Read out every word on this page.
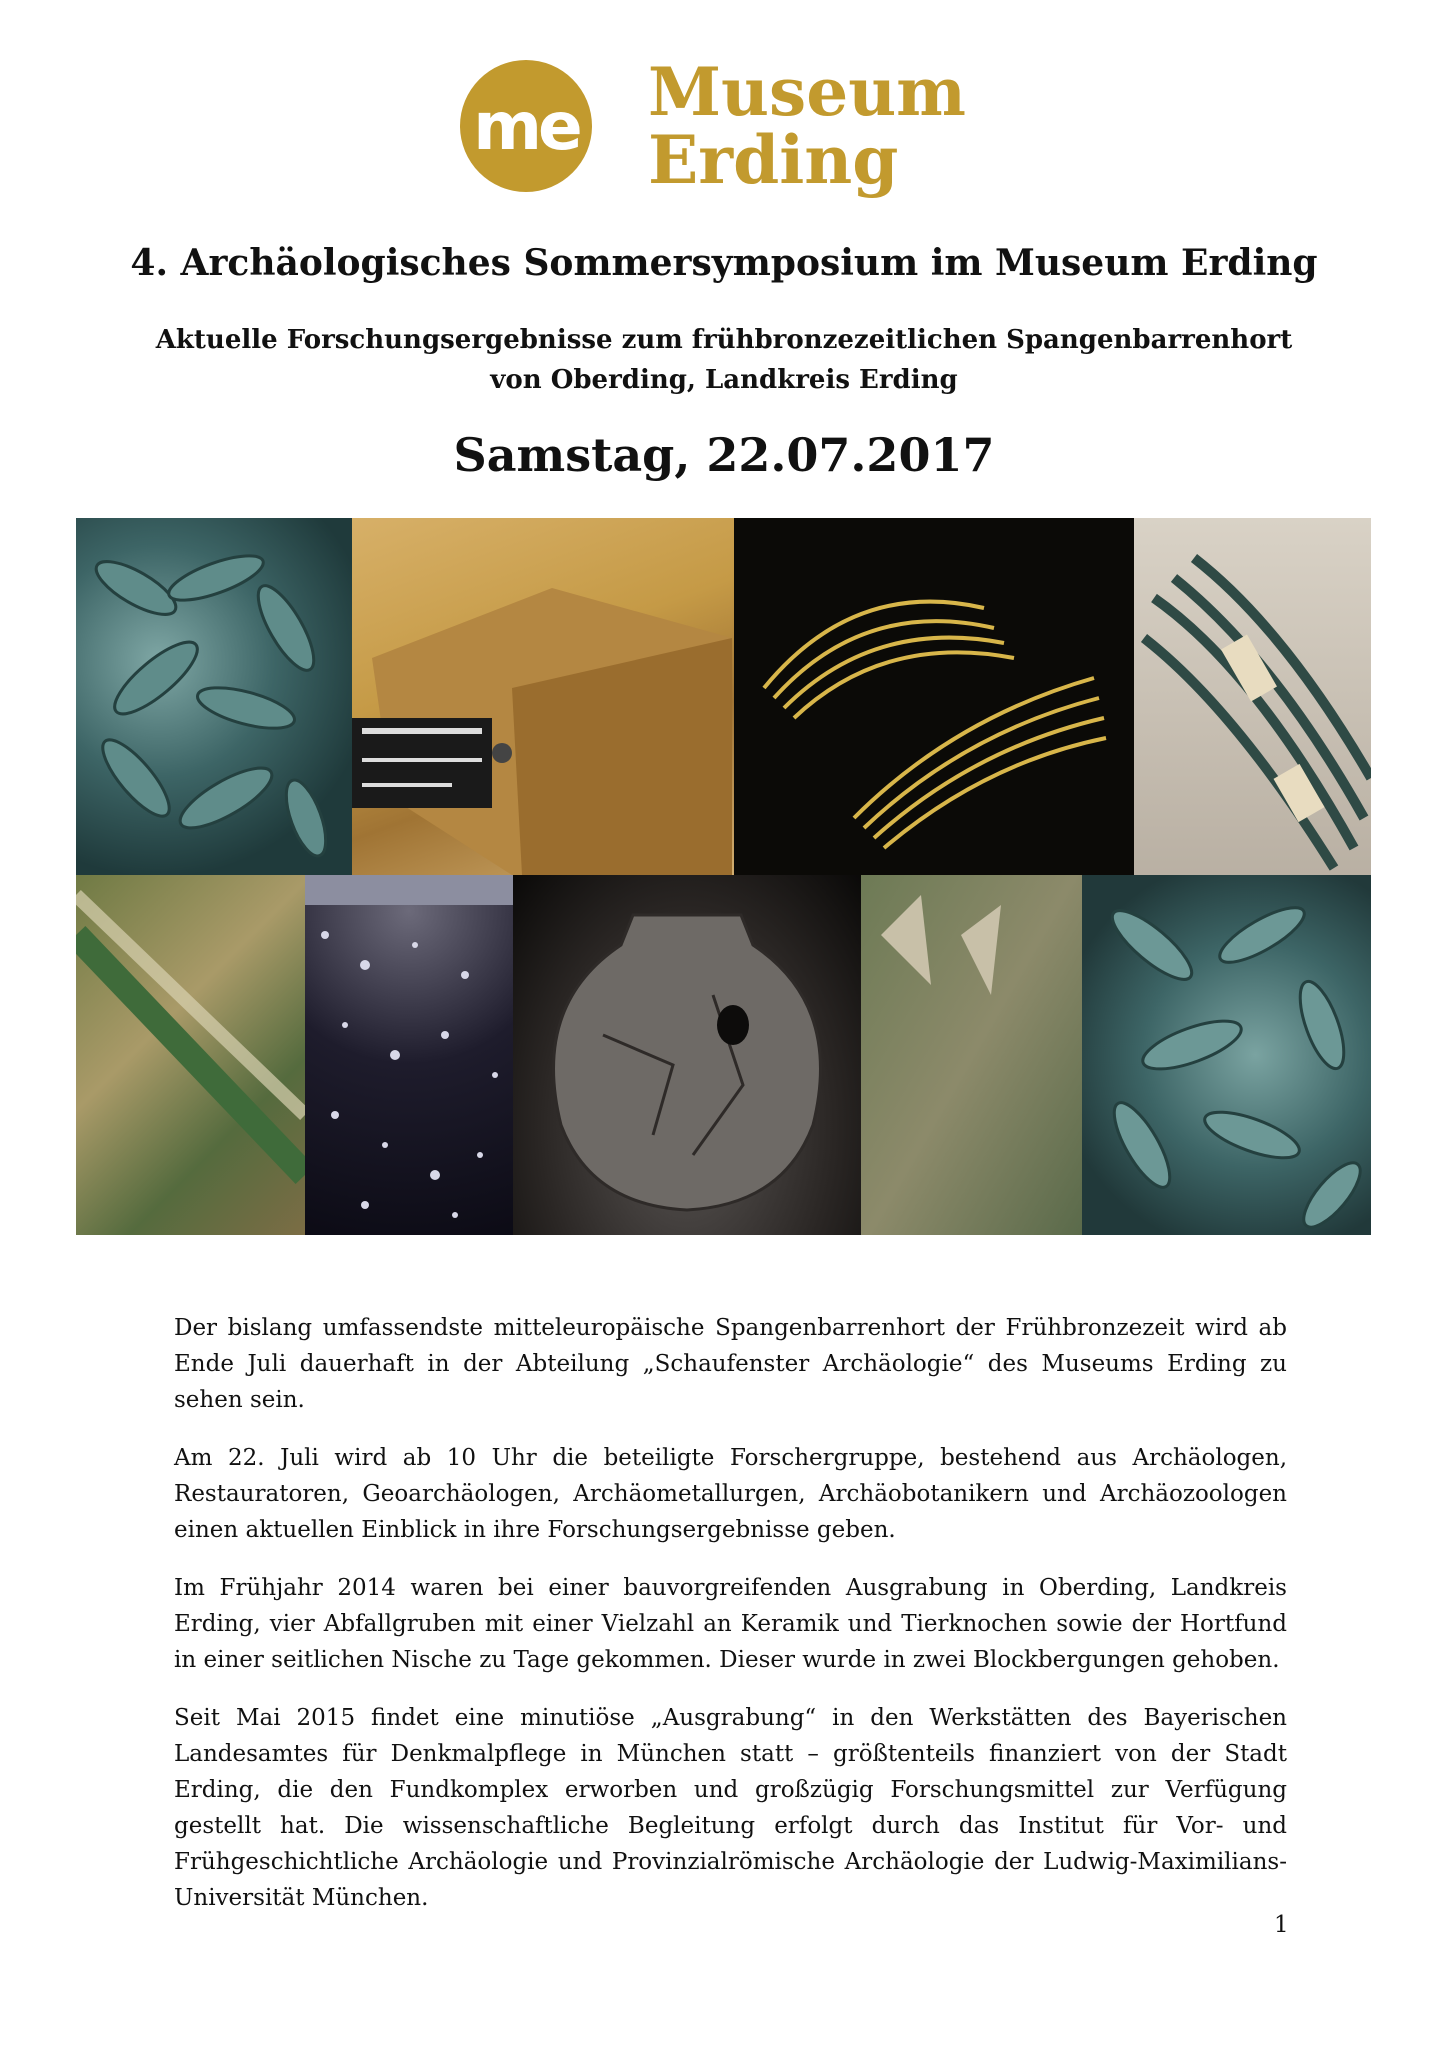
me Museum
Erding
4. Archäologisches Sommersymposium im Museum Erding
Aktuelle Forschungsergebnisse zum frühbronzezeitlichen Spangenbarrenhort
von Oberding, Landkreis Erding
Samstag, 22.07.2017

Der bislang umfassendste mitteleuropäische Spangenbarrenhort der Frühbronzezeit wird ab Ende Juli dauerhaft in der Abteilung „Schaufenster Archäologie“ des Museums Erding zu sehen sein.

Am 22. Juli wird ab 10 Uhr die beteiligte Forschergruppe, bestehend aus Archäologen, Restauratoren, Geoarchäologen, Archäometallurgen, Archäobotanikern und Archäozoologen einen aktuellen Einblick in ihre Forschungsergebnisse geben.

Im Frühjahr 2014 waren bei einer bauvorgreifenden Ausgrabung in Oberding, Landkreis Erding, vier Abfallgruben mit einer Vielzahl an Keramik und Tierknochen sowie der Hortfund in einer seitlichen Nische zu Tage gekommen. Dieser wurde in zwei Blockbergungen gehoben.

Seit Mai 2015 findet eine minutiöse „Ausgrabung“ in den Werkstätten des Bayerischen Landesamtes für Denkmalpflege in München statt – größtenteils finanziert von der Stadt Erding, die den Fundkomplex erworben und großzügig Forschungsmittel zur Verfügung gestellt hat. Die wissenschaftliche Begleitung erfolgt durch das Institut für Vor- und Frühgeschichtliche Archäologie und Provinzialrömische Archäologie der Ludwig-Maximilians-Universität München.

1
